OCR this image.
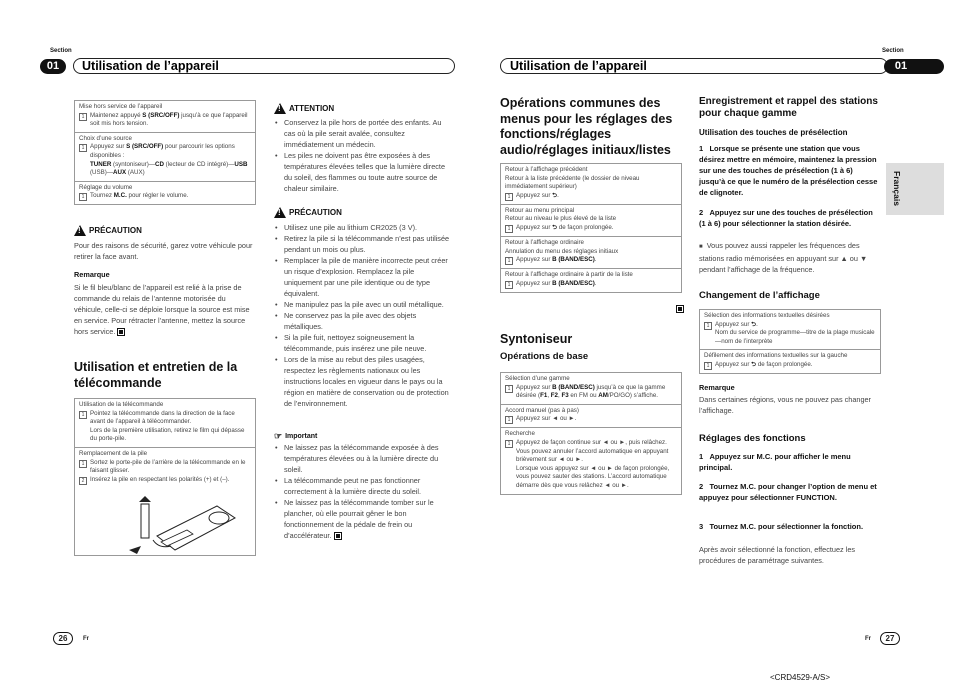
Section
01	Utilisation de l’appareil
Mise hors service de l’appareil
1 Maintenez appuyé S (SRC/OFF) jusqu’à ce que l’appareil soit mis hors tension.
Choix d’une source
1 Appuyez sur S (SRC/OFF) pour parcourir les options disponibles :
TUNER (syntoniseur)—CD (lecteur de CD intégré)—USB (USB)—AUX (AUX)
Réglage du volume
1 Tournez M.C. pour régler le volume.
!
PRÉCAUTION
Pour des raisons de sécurité, garez votre véhicule pour retirer la face avant.
Remarque
Si le fil bleu/blanc de l’appareil est relié à la prise de commande du relais de l’antenne motorisée du véhicule, celle-ci se déploie lorsque la source est mise en service. Pour rétracter l’antenne, mettez la source hors service.
Utilisation et entretien de la télécommande
Utilisation de la télécommande
1 Pointez la télécommande dans la direction de la face avant de l’appareil à télécommander.
Lors de la première utilisation, retirez le film qui dépasse du porte-pile.
Remplacement de la pile
1 Sortez le porte-pile de l’arrière de la télécommande en le faisant glisser.
2 Insérez la pile en respectant les polarités (+) et (–).
!
ATTENTION
• Conservez la pile hors de portée des enfants. Au cas où la pile serait avalée, consultez immédiatement un médecin.
• Les piles ne doivent pas être exposées à des températures élevées telles que la lumière directe du soleil, des flammes ou toute autre source de chaleur similaire.
!
PRÉCAUTION
• Utilisez une pile au lithium CR2025 (3 V).
• Retirez la pile si la télécommande n’est pas utilisée pendant un mois ou plus.
• Remplacer la pile de manière incorrecte peut créer un risque d’explosion. Remplacez la pile uniquement par une pile identique ou de type équivalent.
• Ne manipulez pas la pile avec un outil métallique.
• Ne conservez pas la pile avec des objets métalliques.
• Si la pile fuit, nettoyez soigneusement la télécommande, puis insérez une pile neuve.
• Lors de la mise au rebut des piles usagées, respectez les règlements nationaux ou les instructions locales en vigueur dans le pays ou la région en matière de conservation ou de protection de l’environnement.
☞ Important
• Ne laissez pas la télécommande exposée à des températures élevées ou à la lumière directe du soleil.
• La télécommande peut ne pas fonctionner correctement à la lumière directe du soleil.
• Ne laissez pas la télécommande tomber sur le plancher, où elle pourrait gêner le bon fonctionnement de la pédale de frein ou d’accélérateur.
26	Fr
Utilisation de l’appareil
Section
01
Opérations communes des menus pour les réglages des fonctions/réglages audio/réglages initiaux/listes
Retour à l’affichage précédent
Retour à la liste précédente (le dossier de niveau immédiatement supérieur)
1 Appuyez sur ⮌.
Retour au menu principal
Retour au niveau le plus élevé de la liste
1 Appuyez sur ⮌ de façon prolongée.
Retour à l’affichage ordinaire
Annulation du menu des réglages initiaux
1 Appuyez sur B (BAND/ESC).
Retour à l’affichage ordinaire à partir de la liste
1 Appuyez sur B (BAND/ESC).
Syntoniseur
Opérations de base
Sélection d’une gamme
1 Appuyez sur B (BAND/ESC) jusqu’à ce que la gamme désirée (F1, F2, F3 en FM ou AM/PO/GO) s’affiche.
Accord manuel (pas à pas)
1 Appuyez sur ◄ ou ►.
Recherche
1 Appuyez de façon continue sur ◄ ou ►, puis relâchez.
Vous pouvez annuler l’accord automatique en appuyant brièvement sur ◄ ou ►.
Lorsque vous appuyez sur ◄ ou ► de façon prolongée, vous pouvez sauter des stations. L’accord automatique démarre dès que vous relâchez ◄ ou ►.
Enregistrement et rappel des stations pour chaque gamme
Utilisation des touches de présélection
1 Lorsque se présente une station que vous désirez mettre en mémoire, maintenez la pression sur une des touches de présélection (1 à 6) jusqu’à ce que le numéro de la présélection cesse de clignoter.
2 Appuyez sur une des touches de présélection (1 à 6) pour sélectionner la station désirée.
■ Vous pouvez aussi rappeler les fréquences des stations radio mémorisées en appuyant sur ▲ ou ▼ pendant l’affichage de la fréquence.
Changement de l’affichage
Sélection des informations textuelles désirées
1 Appuyez sur ⮌.
Nom du service de programme—titre de la plage musicale—nom de l’interprète
Défilement des informations textuelles sur la gauche
1 Appuyez sur ⮌ de façon prolongée.
Remarque
Dans certaines régions, vous ne pouvez pas changer l’affichage.
Réglages des fonctions
1 Appuyez sur M.C. pour afficher le menu principal.
2 Tournez M.C. pour changer l’option de menu et appuyez pour sélectionner FUNCTION.
3 Tournez M.C. pour sélectionner la fonction.
Après avoir sélectionné la fonction, effectuez les procédures de paramétrage suivantes.
Français
Fr	27
<CRD4529-A/S>
